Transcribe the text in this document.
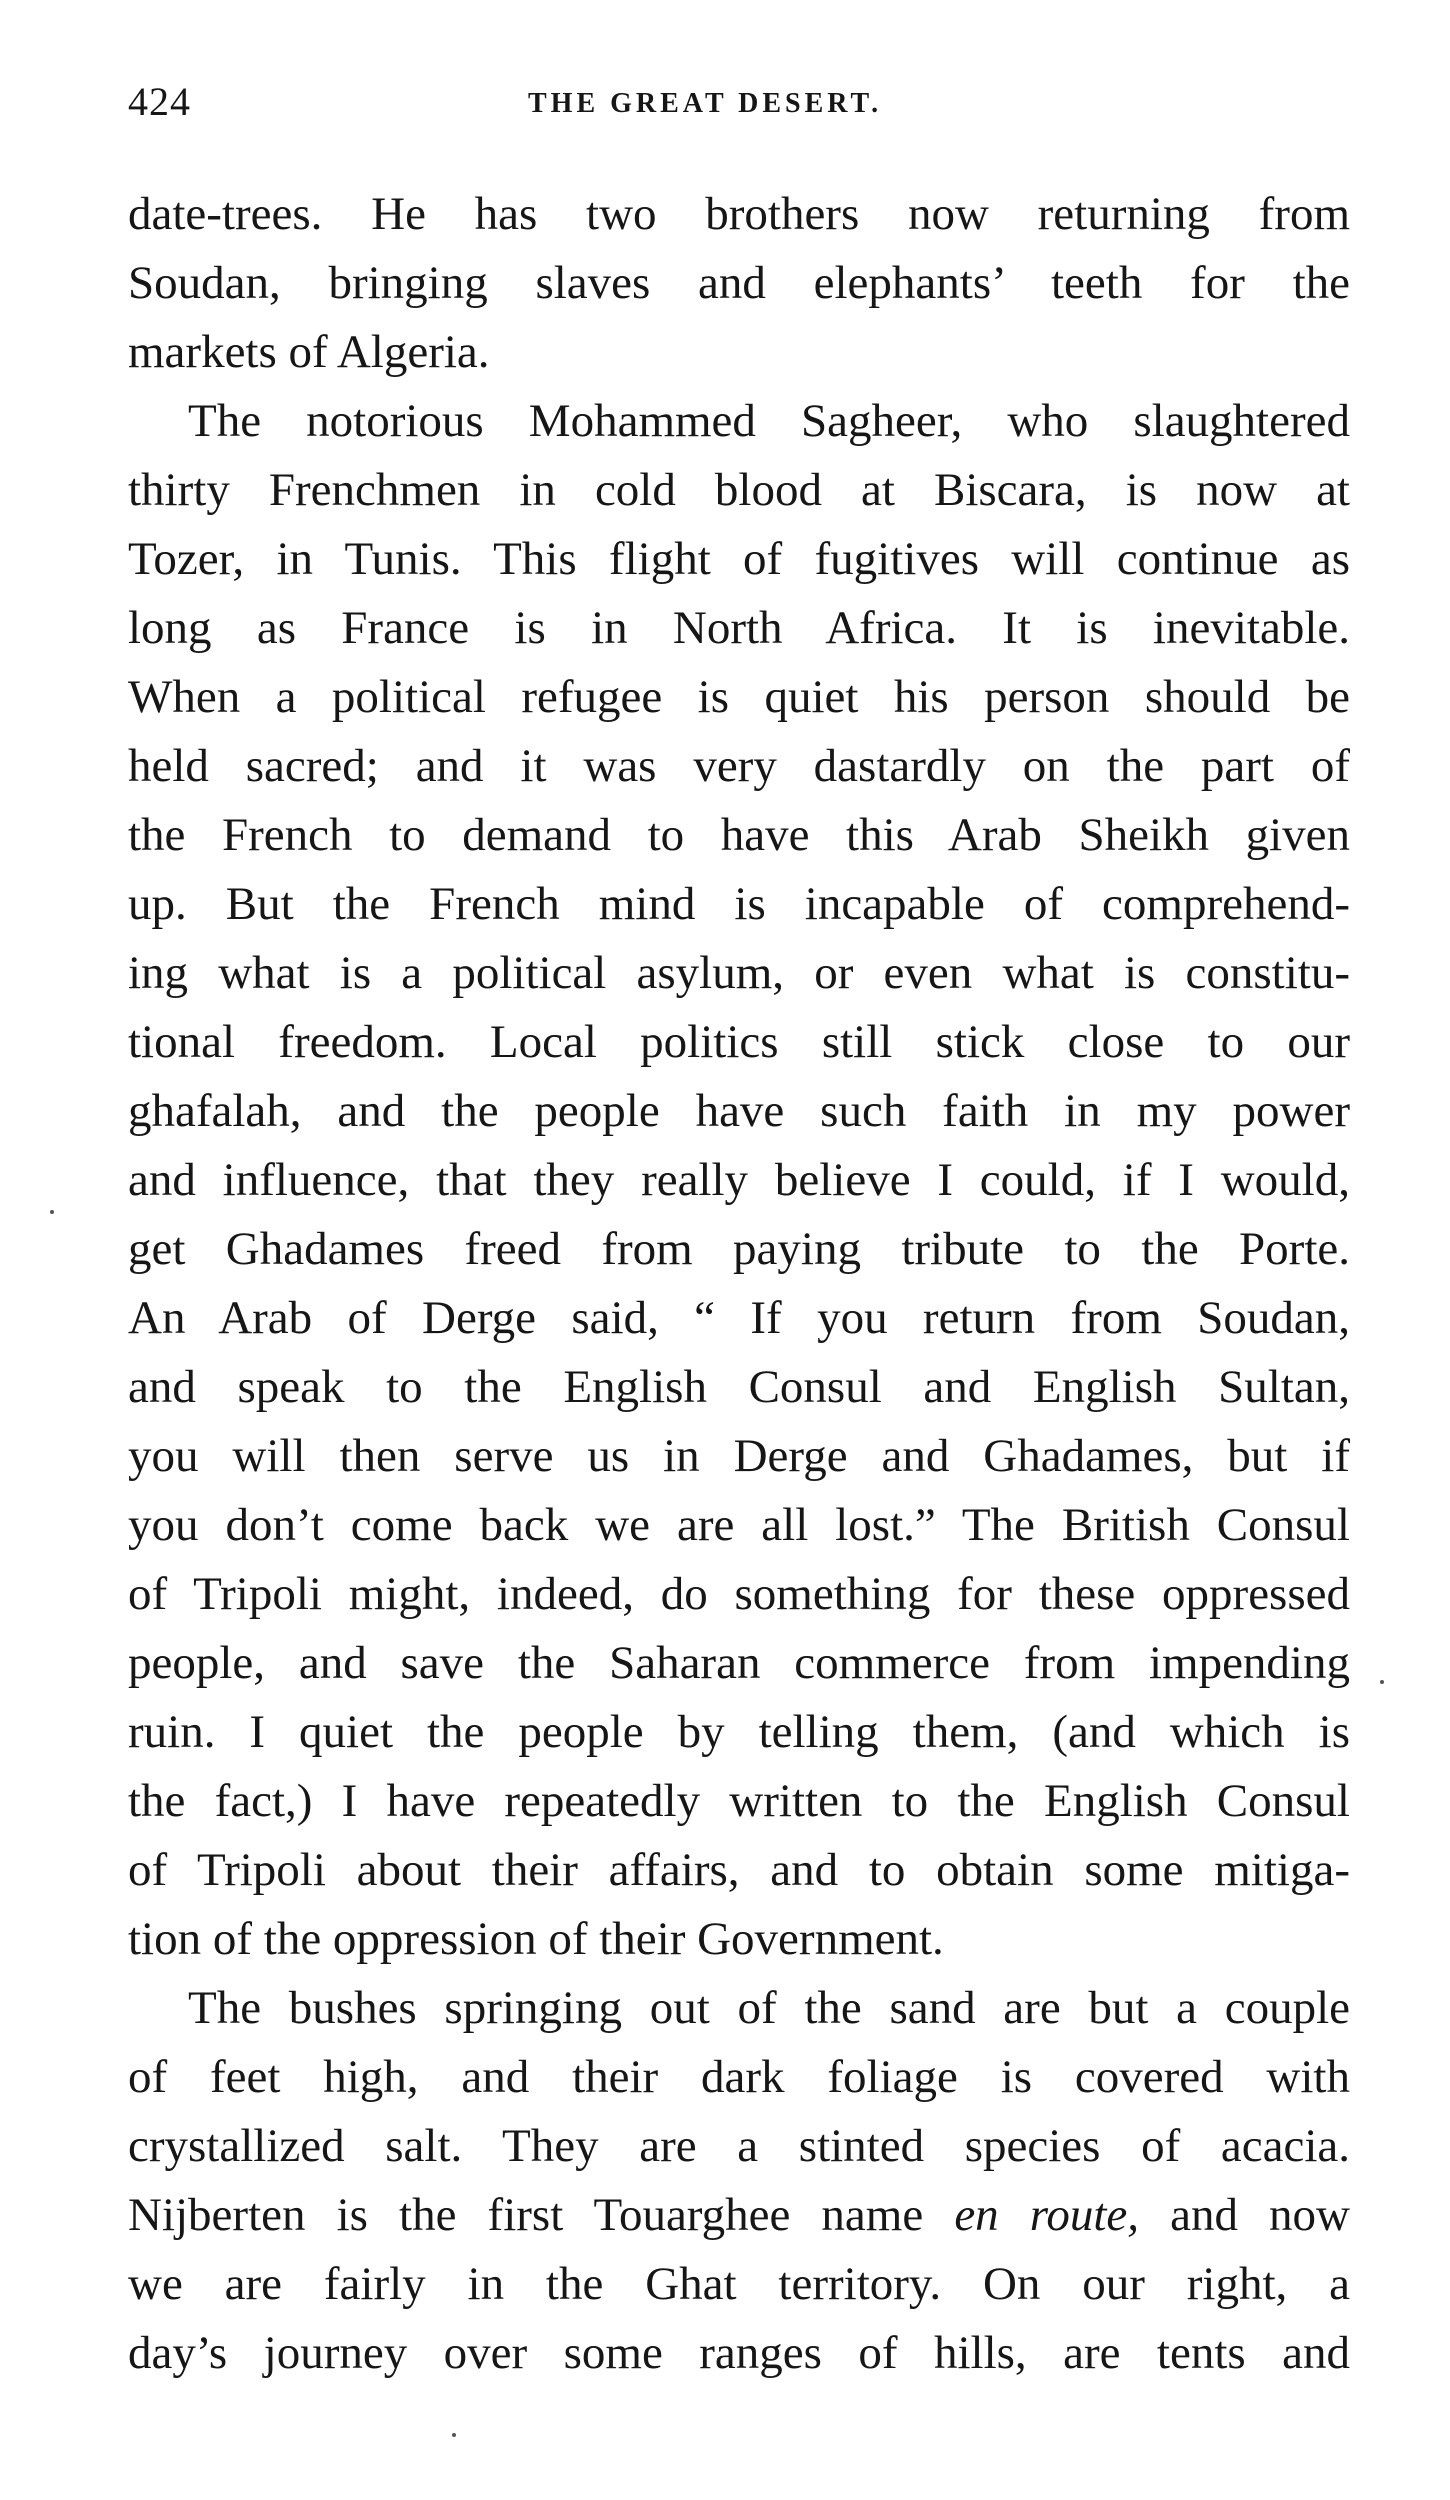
424	THE GREAT DESERT.
date-trees. He has two brothers now returning from
Soudan, bringing slaves and elephants’ teeth for the
markets of Algeria.
The notorious Mohammed Sagheer, who slaughtered
thirty Frenchmen in cold blood at Biscara, is now at
Tozer, in Tunis. This flight of fugitives will continue as
long as France is in North Africa. It is inevitable.
When a political refugee is quiet his person should be
held sacred; and it was very dastardly on the part of
the French to demand to have this Arab Sheikh given
up. But the French mind is incapable of comprehend-
ing what is a political asylum, or even what is constitu-
tional freedom. Local politics still stick close to our
ghafalah, and the people have such faith in my power
and influence, that they really believe I could, if I would,
get Ghadames freed from paying tribute to the Porte.
An Arab of Derge said, “ If you return from Soudan,
and speak to the English Consul and English Sultan,
you will then serve us in Derge and Ghadames, but if
you don’t come back we are all lost.” The British Consul
of Tripoli might, indeed, do something for these oppressed
people, and save the Saharan commerce from impending
ruin. I quiet the people by telling them, (and which is
the fact,) I have repeatedly written to the English Consul
of Tripoli about their affairs, and to obtain some mitiga-
tion of the oppression of their Government.
The bushes springing out of the sand are but a couple
of feet high, and their dark foliage is covered with
crystallized salt. They are a stinted species of acacia.
Nijberten is the first Touarghee name en route, and now
we are fairly in the Ghat territory. On our right, a
day’s journey over some ranges of hills, are tents and
